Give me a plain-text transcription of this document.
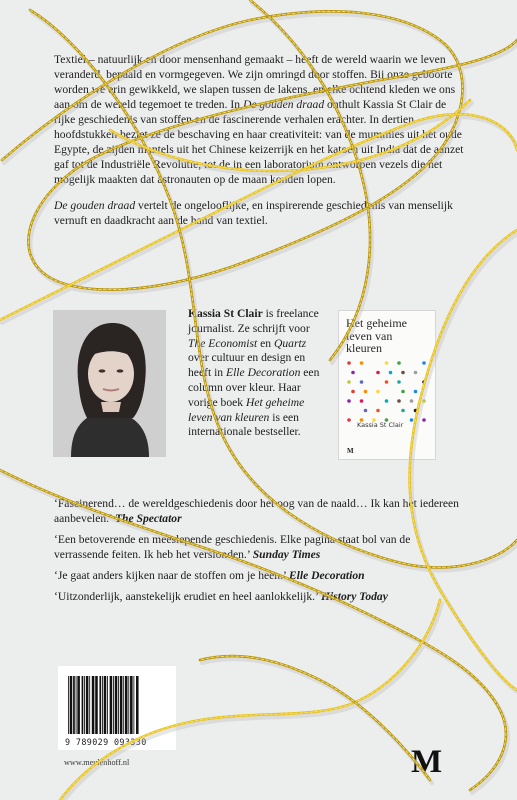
Textiel – natuurlijk en door mensenhand gemaakt – heeft de wereld waarin we leven veranderd, bepaald en vormgegeven. We zijn omringd door stoffen. Bij onze geboorte worden we erin gewikkeld, we slapen tussen de lakens, en elke ochtend kleden we ons aan om de wereld tegemoet te treden. In De gouden draad onthult Kassia St Clair de rijke geschiedenis van stoffen en de fascinerende verhalen erachter. In dertien hoofdstukken beziet ze de beschaving en haar creativiteit: van de mummies uit het oude Egypte, de zijden mantels uit het Chinese keizerrijk en het katoen uit India dat de aanzet gaf tot de Industriële Revolutie, tot de in een laboratorium ontworpen vezels die het mogelijk maakten dat astronauten op de maan konden lopen.

De gouden draad vertelt de ongelooflijke, en inspirerende geschiedenis van menselijk vernuft en daadkracht aan de hand van textiel.

Kassia St Clair is freelance journalist. Ze schrijft voor The Economist en Quartz over cultuur en design en heeft in Elle Decoration een column over kleur. Haar vorige boek Het geheime leven van kleuren is een internationale bestseller.
Het geheime leven van kleuren
Kassia St Clair
M

‘Fascinerend… de wereldgeschiedenis door het oog van de naald… Ik kan het iedereen aanbevelen.’ The Spectator

‘Een betoverende en meeslepende geschiedenis. Elke pagina staat bol van de verrassende feiten. Ik heb het verslonden.’ Sunday Times

‘Je gaat anders kijken naar de stoffen om je heen.’ Elle Decoration

‘Uitzonderlijk, aanstekelijk erudiet en heel aanlokkelijk.’ History Today

9 789029 093330
www.meulenhoff.nl	M
